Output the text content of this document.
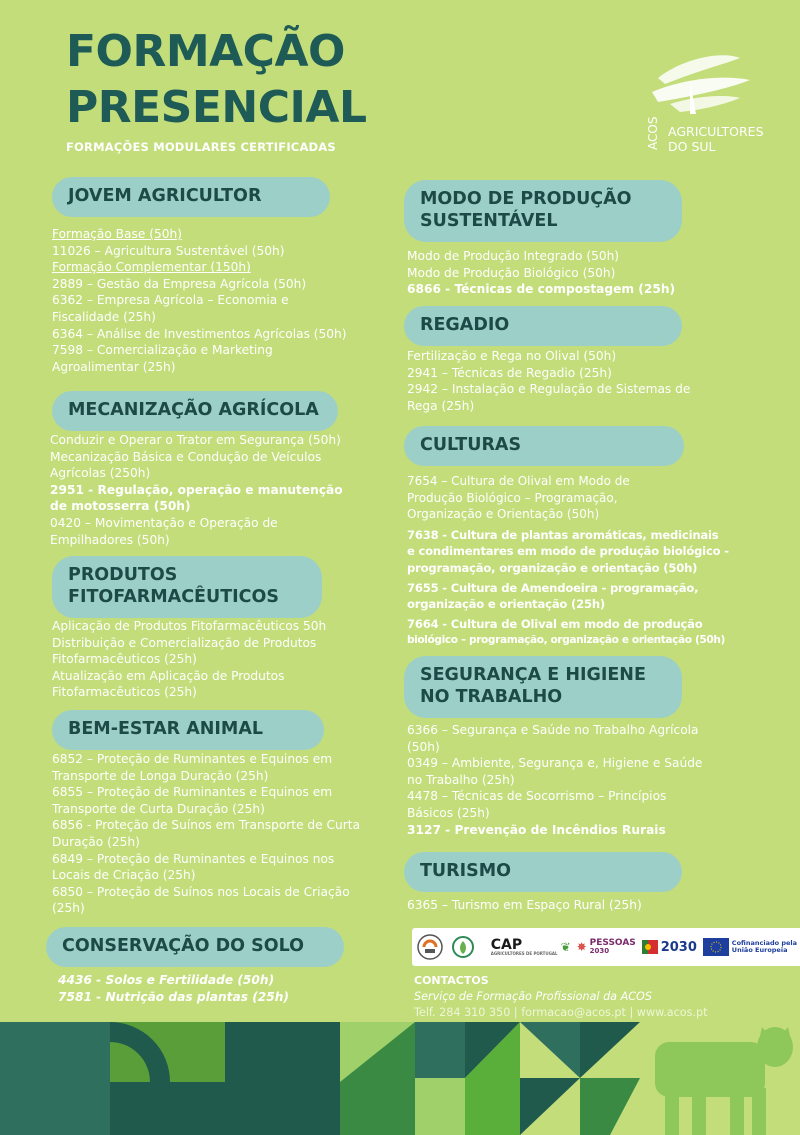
FORMAÇÃO
PRESENCIAL
FORMAÇÕES MODULARES CERTIFICADAS	ACOS AGRICULTORES
DO SUL
JOVEM AGRICULTOR
Formação Base (50h)
11026 – Agricultura Sustentável (50h)
Formação Complementar (150h)
2889 – Gestão da Empresa Agrícola (50h)
6362 – Empresa Agrícola – Economia e
Fiscalidade (25h)
6364 – Análise de Investimentos Agrícolas (50h)
7598 – Comercialização e Marketing
Agroalimentar (25h)
MECANIZAÇÃO AGRÍCOLA
Conduzir e Operar o Trator em Segurança (50h)
Mecanização Básica e Condução de Veículos
Agrícolas (250h)
2951 - Regulação, operação e manutenção
de motosserra (50h)
0420 – Movimentação e Operação de
Empilhadores (50h)
PRODUTOS
FITOFARMACÊUTICOS
Aplicação de Produtos Fitofarmacêuticos 50h
Distribuição e Comercialização de Produtos
Fitofarmacêuticos (25h)
Atualização em Aplicação de Produtos
Fitofarmacêuticos (25h)
BEM-ESTAR ANIMAL
6852 – Proteção de Ruminantes e Equinos em
Transporte de Longa Duração (25h)
6855 – Proteção de Ruminantes e Equinos em
Transporte de Curta Duração (25h)
6856 - Proteção de Suínos em Transporte de Curta
Duração (25h)
6849 – Proteção de Ruminantes e Equinos nos
Locais de Criação (25h)
6850 – Proteção de Suínos nos Locais de Criação
(25h)
CONSERVAÇÃO DO SOLO
4436 - Solos e Fertilidade (50h)
7581 - Nutrição das plantas (25h)
MODO DE PRODUÇÃO
SUSTENTÁVEL
Modo de Produção Integrado (50h)
Modo de Produção Biológico (50h)
6866 - Técnicas de compostagem (25h)
REGADIO
Fertilização e Rega no Olival (50h)
2941 – Técnicas de Regadio (25h)
2942 – Instalação e Regulação de Sistemas de
Rega (25h)
CULTURAS
7654 – Cultura de Olival em Modo de
Produção Biológico – Programação,
Organização e Orientação (50h)
7638 - Cultura de plantas aromáticas, medicinais
e condimentares em modo de produção biológico -
programação, organização e orientação (50h)
7655 - Cultura de Amendoeira - programação,
organização e orientação (25h)
7664 - Cultura de Olival em modo de produção
biológico – programação, organização e orientação (50h)
SEGURANÇA E HIGIENE
NO TRABALHO
6366 – Segurança e Saúde no Trabalho Agrícola
(50h)
0349 – Ambiente, Segurança e, Higiene e Saúde
no Trabalho (25h)
4478 – Técnicas de Socorrismo – Princípios
Básicos (25h)
3127 - Prevenção de Incêndios Rurais
TURISMO
6365 – Turismo em Espaço Rural (25h)
CAP
AGRICULTORES DE PORTUGAL ❦ ✸ PESSOAS
2030	2030	Cofinanciado pela
União Europeia
CONTACTOS
Serviço de Formação Profissional da ACOS
Telf. 284 310 350 | formacao@acos.pt | www.acos.pt
